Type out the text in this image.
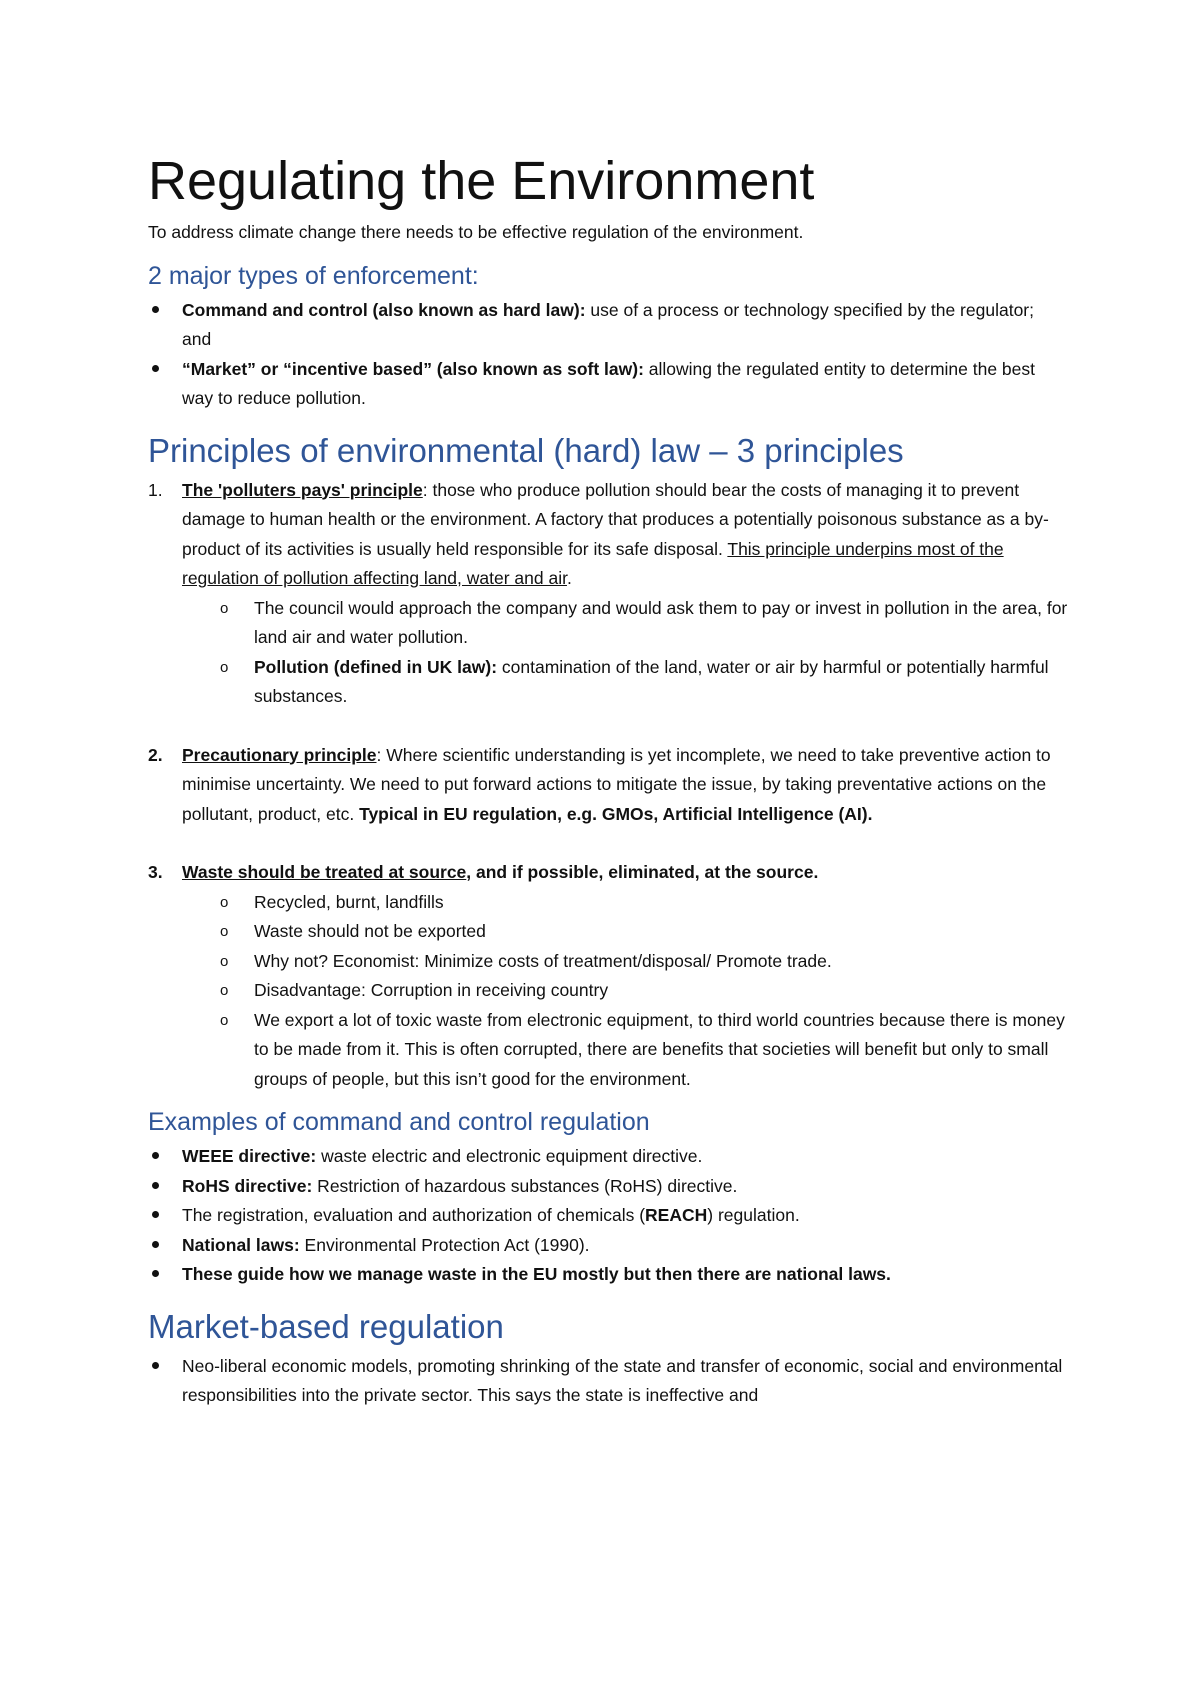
Regulating the Environment

To address climate change there needs to be effective regulation of the environment.

2 major types of enforcement:
Command and control (also known as hard law): use of a process or technology specified by the regulator; and
“Market” or “incentive based” (also known as soft law): allowing the regulated entity to determine the best way to reduce pollution.
Principles of environmental (hard) law – 3 principles
1. The 'polluters pays' principle: those who produce pollution should bear the costs of managing it to prevent damage to human health or the environment. A factory that produces a potentially poisonous substance as a by-product of its activities is usually held responsible for its safe disposal. This principle underpins most of the regulation of pollution affecting land, water and air.
o The council would approach the company and would ask them to pay or invest in pollution in the area, for land air and water pollution.
o Pollution (defined in UK law): contamination of the land, water or air by harmful or potentially harmful substances.
2. Precautionary principle: Where scientific understanding is yet incomplete, we need to take preventive action to minimise uncertainty. We need to put forward actions to mitigate the issue, by taking preventative actions on the pollutant, product, etc. Typical in EU regulation, e.g. GMOs, Artificial Intelligence (AI).
3. Waste should be treated at source, and if possible, eliminated, at the source.
o Recycled, burnt, landfills
o Waste should not be exported
o Why not? Economist: Minimize costs of treatment/disposal/ Promote trade.
o Disadvantage: Corruption in receiving country
o We export a lot of toxic waste from electronic equipment, to third world countries because there is money to be made from it. This is often corrupted, there are benefits that societies will benefit but only to small groups of people, but this isn’t good for the environment.
Examples of command and control regulation
WEEE directive: waste electric and electronic equipment directive.
RoHS directive: Restriction of hazardous substances (RoHS) directive.
The registration, evaluation and authorization of chemicals (REACH) regulation.
National laws: Environmental Protection Act (1990).
These guide how we manage waste in the EU mostly but then there are national laws.
Market-based regulation
Neo-liberal economic models, promoting shrinking of the state and transfer of economic, social and environmental responsibilities into the private sector. This says the state is ineffective and
